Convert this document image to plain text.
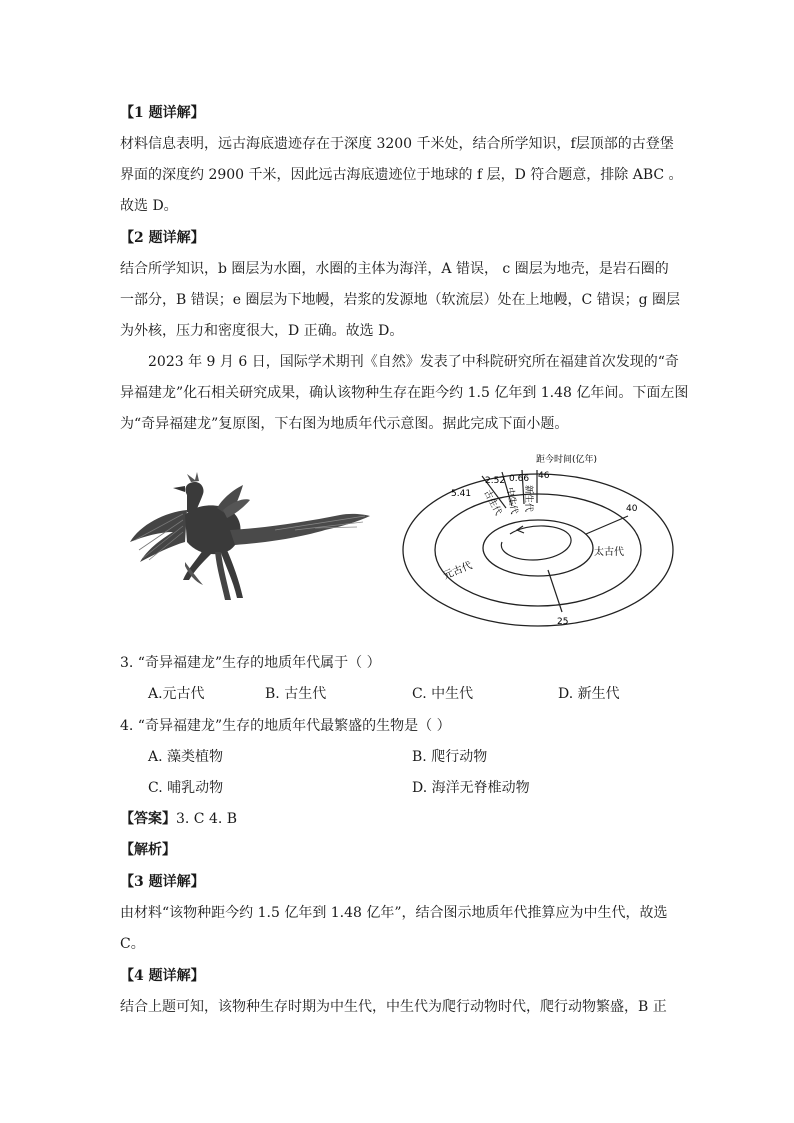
【1 题详解】
材料信息表明，远古海底遗迹存在于深度 3200 千米处，结合所学知识，f层顶部的古登堡
界面的深度约 2900 千米，因此远古海底遗迹位于地球的 f 层，D 符合题意，排除 ABC 。
故选 D。
【2 题详解】
结合所学知识，b 圈层为水圈，水圈的主体为海洋，A 错误， c 圈层为地壳，是岩石圈的
一部分，B 错误；e 圈层为下地幔，岩浆的发源地（软流层）处在上地幔，C 错误；g 圈层
为外核，压力和密度很大，D 正确。故选 D。
2023 年 9 月 6 日，国际学术期刊《自然》发表了中科院研究所在福建首次发现的“奇
异福建龙”化石相关研究成果，确认该物种生存在距今约 1.5 亿年到 1.48 亿年间。下面左图
为“奇异福建龙”复原图，下右图为地质年代示意图。据此完成下面小题。
5.41
2.52 0.66 46
40
25
距今时间(亿年)
古生代 中生代 新生代
太古代
元古代
3. “奇异福建龙”生存的地质年代属于（ ）
A.元古代	B. 古生代	C. 中生代	D. 新生代
4. “奇异福建龙”生存的地质年代最繁盛的生物是（ ）
A. 藻类植物	B. 爬行动物
C. 哺乳动物	D. 海洋无脊椎动物
【答案】3. C 4. B
【解析】
【3 题详解】
由材料“该物种距今约 1.5 亿年到 1.48 亿年”，结合图示地质年代推算应为中生代，故选
C。
【4 题详解】
结合上题可知，该物种生存时期为中生代，中生代为爬行动物时代，爬行动物繁盛，B 正
